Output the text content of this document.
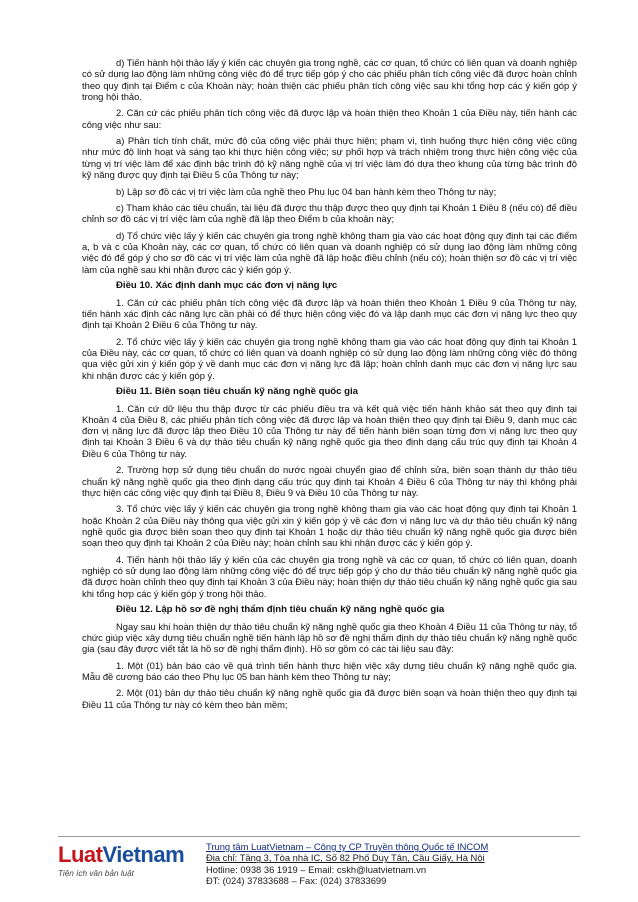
d) Tiến hành hội thảo lấy ý kiến các chuyên gia trong nghề, các cơ quan, tổ chức có liên quan và doanh nghiệp có sử dụng lao động làm những công việc đó để trực tiếp góp ý cho các phiếu phân tích công việc đã được hoàn chỉnh theo quy định tại Điểm c của Khoản này; hoàn thiện các phiếu phân tích công việc sau khi tổng hợp các ý kiến góp ý trong hội thảo.

2. Căn cứ các phiếu phân tích công việc đã được lập và hoàn thiện theo Khoản 1 của Điều này, tiến hành các công việc như sau:

a) Phân tích tính chất, mức độ của công việc phải thực hiện; phạm vi, tình huống thực hiện công việc cũng như mức độ linh hoạt và sáng tạo khi thực hiện công việc; sự phối hợp và trách nhiệm trong thực hiện công việc của từng vị trí việc làm để xác định bậc trình độ kỹ năng nghề của vị trí việc làm đó dựa theo khung của từng bậc trình độ kỹ năng được quy định tại Điều 5 của Thông tư này;

b) Lập sơ đồ các vị trí việc làm của nghề theo Phụ lục 04 ban hành kèm theo Thông tư này;

c) Tham khảo các tiêu chuẩn, tài liệu đã được thu thập được theo quy định tại Khoản 1 Điều 8 (nếu có) để điều chỉnh sơ đồ các vị trí việc làm của nghề đã lập theo Điểm b của khoản này;

d) Tổ chức việc lấy ý kiến các chuyên gia trong nghề không tham gia vào các hoạt động quy định tại các điểm a, b và c của Khoản này, các cơ quan, tổ chức có liên quan và doanh nghiệp có sử dụng lao động làm những công việc đó để góp ý cho sơ đồ các vị trí việc làm của nghề đã lập hoặc điều chỉnh (nếu có); hoàn thiện sơ đồ các vị trí việc làm của nghề sau khi nhận được các ý kiến góp ý.

Điều 10. Xác định danh mục các đơn vị năng lực

1. Căn cứ các phiếu phân tích công việc đã được lập và hoàn thiện theo Khoản 1 Điều 9 của Thông tư này, tiến hành xác định các năng lực cần phải có để thực hiện công việc đó và lập danh mục các đơn vị năng lực theo quy định tại Khoản 2 Điều 6 của Thông tư này.

2. Tổ chức việc lấy ý kiến các chuyên gia trong nghề không tham gia vào các hoạt động quy định tại Khoản 1 của Điều này, các cơ quan, tổ chức có liên quan và doanh nghiệp có sử dụng lao động làm những công việc đó thông qua việc gửi xin ý kiến góp ý về danh mục các đơn vị năng lực đã lập; hoàn chỉnh danh mục các đơn vị năng lực sau khi nhận được các ý kiến góp ý.

Điều 11. Biên soạn tiêu chuẩn kỹ năng nghề quốc gia

1. Căn cứ dữ liệu thu thập được từ các phiếu điều tra và kết quả việc tiến hành khảo sát theo quy định tại Khoản 4 của Điều 8, các phiếu phân tích công việc đã được lập và hoàn thiện theo quy định tại Điều 9, danh mục các đơn vị năng lực đã được lập theo Điều 10 của Thông tư này để tiến hành biên soạn từng đơn vị năng lực theo quy định tại Khoản 3 Điều 6 và dự thảo tiêu chuẩn kỹ năng nghề quốc gia theo định dạng cấu trúc quy định tại Khoản 4 Điều 6 của Thông tư này.

2. Trường hợp sử dụng tiêu chuẩn do nước ngoài chuyển giao để chỉnh sửa, biên soạn thành dự thảo tiêu chuẩn kỹ năng nghề quốc gia theo định dạng cấu trúc quy định tại Khoản 4 Điều 6 của Thông tư này thì không phải thực hiện các công việc quy định tại Điều 8, Điều 9 và Điều 10 của Thông tư này.

3. Tổ chức việc lấy ý kiến các chuyên gia trong nghề không tham gia vào các hoạt động quy định tại Khoản 1 hoặc Khoản 2 của Điều này thông qua việc gửi xin ý kiến góp ý về các đơn vị năng lực và dự thảo tiêu chuẩn kỹ năng nghề quốc gia được biên soạn theo quy định tại Khoản 1 hoặc dự thảo tiêu chuẩn kỹ năng nghề quốc gia được biên soạn theo quy định tại Khoản 2 của Điều này; hoàn chỉnh sau khi nhận được các ý kiến góp ý.

4. Tiến hành hội thảo lấy ý kiến của các chuyên gia trong nghề và các cơ quan, tổ chức có liên quan, doanh nghiệp có sử dụng lao động làm những công việc đó để trực tiếp góp ý cho dự thảo tiêu chuẩn kỹ năng nghề quốc gia đã được hoàn chỉnh theo quy định tại Khoản 3 của Điều này; hoàn thiện dự thảo tiêu chuẩn kỹ năng nghề quốc gia sau khi tổng hợp các ý kiến góp ý trong hội thảo.

Điều 12. Lập hồ sơ đề nghị thẩm định tiêu chuẩn kỹ năng nghề quốc gia

Ngay sau khi hoàn thiện dự thảo tiêu chuẩn kỹ năng nghề quốc gia theo Khoản 4 Điều 11 của Thông tư này, tổ chức giúp việc xây dựng tiêu chuẩn nghề tiến hành lập hồ sơ đề nghị thẩm định dự thảo tiêu chuẩn kỹ năng nghề quốc gia (sau đây được viết tắt là hồ sơ đề nghị thẩm định). Hồ sơ gồm có các tài liệu sau đây:

1. Một (01) bản báo cáo về quá trình tiến hành thực hiện việc xây dựng tiêu chuẩn kỹ năng nghề quốc gia. Mẫu đề cương báo cáo theo Phụ lục 05 ban hành kèm theo Thông tư này;

2. Một (01) bản dự thảo tiêu chuẩn kỹ năng nghề quốc gia đã được biên soạn và hoàn thiện theo quy định tại Điều 11 của Thông tư này có kèm theo bản mềm;

LuatVietnam
Tiện ích văn bản luật
Trung tâm LuatVietnam – Công ty CP Truyền thông Quốc tế INCOM
Địa chỉ: Tầng 3, Tòa nhà IC, Số 82 Phố Duy Tân, Cầu Giấy, Hà Nội
Hotline: 0938 36 1919 – Email: cskh@luatvietnam.vn
ĐT: (024) 37833688 – Fax: (024) 37833699
